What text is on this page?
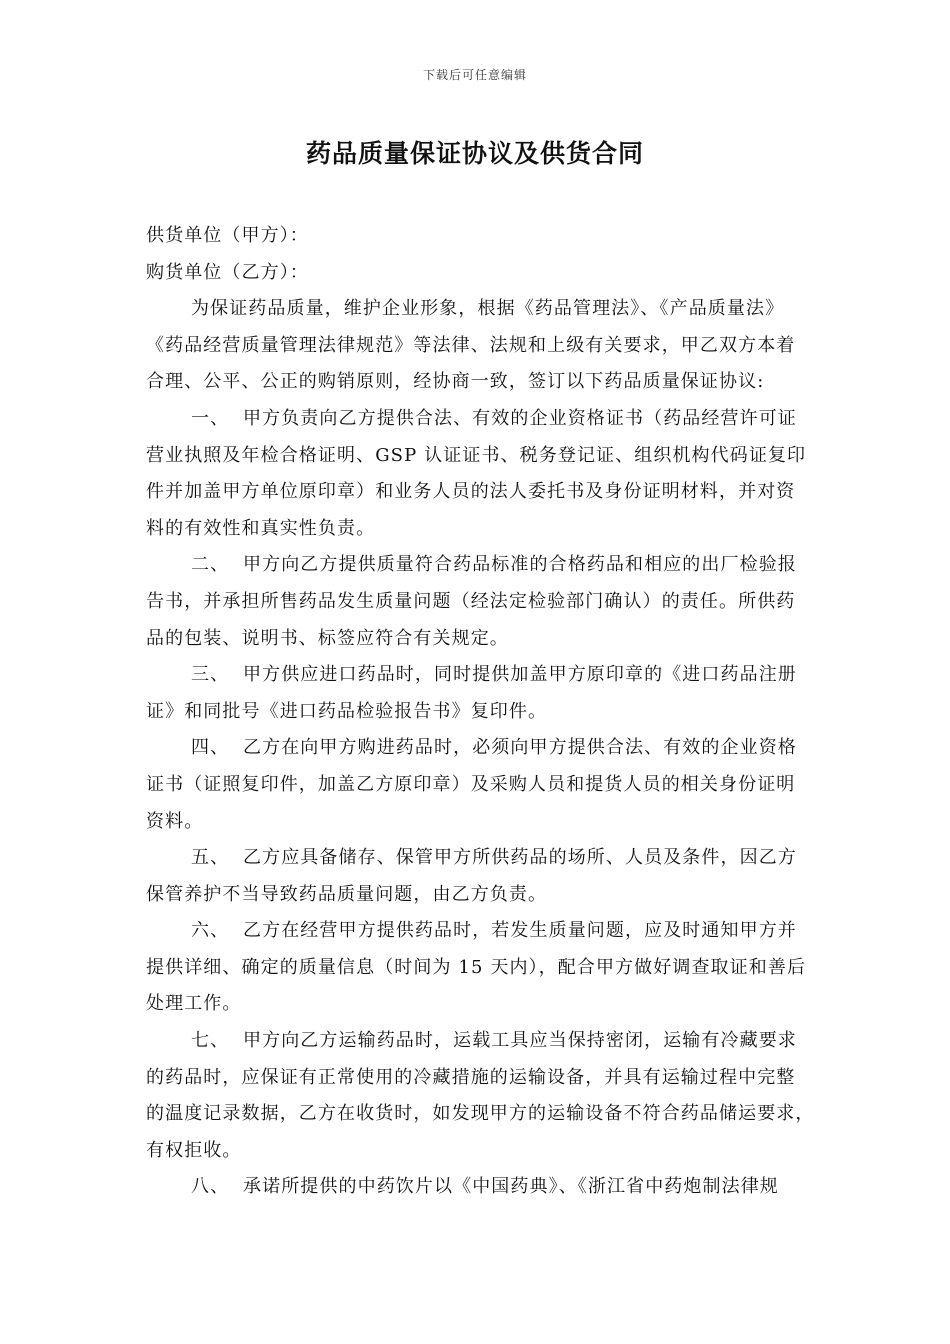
下载后可任意编辑
药品质量保证协议及供货合同

供货单位（甲方）：

购货单位（乙方）：

为保证药品质量，维护企业形象，根据《药品管理法》、《产品质量法》

《药品经营质量管理法律规范》等法律、法规和上级有关要求，甲乙双方本着

合理、公平、公正的购销原则，经协商一致，签订以下药品质量保证协议:

一、 甲方负责向乙方提供合法、有效的企业资格证书（药品经营许可证

营业执照及年检合格证明、GSP 认证证书、税务登记证、组织机构代码证复印

件并加盖甲方单位原印章）和业务人员的法人委托书及身份证明材料，并对资

料的有效性和真实性负责。

二、 甲方向乙方提供质量符合药品标准的合格药品和相应的出厂检验报

告书，并承担所售药品发生质量问题（经法定检验部门确认）的责任。所供药

品的包装、说明书、标签应符合有关规定。

三、 甲方供应进口药品时，同时提供加盖甲方原印章的《进口药品注册

证》和同批号《进口药品检验报告书》复印件。

四、 乙方在向甲方购进药品时，必须向甲方提供合法、有效的企业资格

证书（证照复印件，加盖乙方原印章）及采购人员和提货人员的相关身份证明

资料。

五、 乙方应具备储存、保管甲方所供药品的场所、人员及条件，因乙方

保管养护不当导致药品质量问题，由乙方负责。

六、 乙方在经营甲方提供药品时，若发生质量问题，应及时通知甲方并

提供详细、确定的质量信息（时间为 15 天内），配合甲方做好调查取证和善后

处理工作。

七、 甲方向乙方运输药品时，运载工具应当保持密闭，运输有冷藏要求

的药品时，应保证有正常使用的冷藏措施的运输设备，并具有运输过程中完整

的温度记录数据，乙方在收货时，如发现甲方的运输设备不符合药品储运要求，

有权拒收。

八、 承诺所提供的中药饮片以《中国药典》、《浙江省中药炮制法律规
